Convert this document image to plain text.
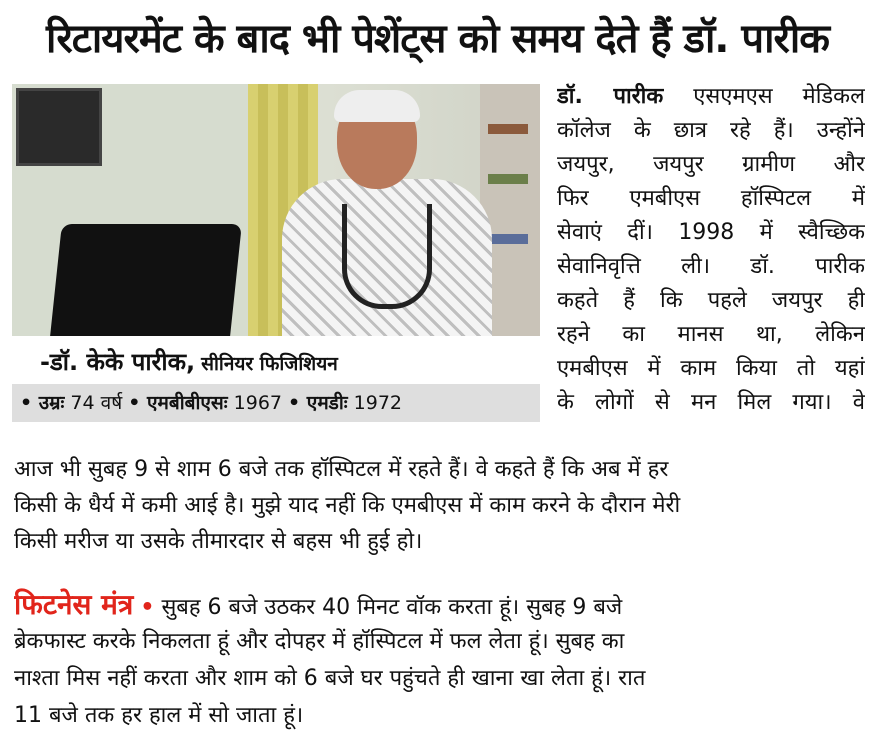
रिटायरमेंट के बाद भी पेशेंट्स को समय देते हैं डॉ. पारीक
-डॉ. केके पारीक, सीनियर फिजिशियन
• उम्रः 74 वर्ष • एमबीबीएसः 1967 • एमडीः 1972
डॉ. पारीक एसएमएस मेडिकल
कॉलेज के छात्र रहे हैं। उन्होंने
जयपुर, जयपुर ग्रामीण और
फिर एमबीएस हॉस्पिटल में
सेवाएं दीं। 1998 में स्वैच्छिक
सेवानिवृत्ति ली। डॉ. पारीक
कहते हैं कि पहले जयपुर ही
रहने का मानस था, लेकिन
एमबीएस में काम किया तो यहां
के लोगों से मन मिल गया। वे
आज भी सुबह 9 से शाम 6 बजे तक हॉस्पिटल में रहते हैं। वे कहते हैं कि अब में हर
किसी के धैर्य में कमी आई है। मुझे याद नहीं कि एमबीएस में काम करने के दौरान मेरी
किसी मरीज या उसके तीमारदार से बहस भी हुई हो।
फिटनेस मंत्र • सुबह 6 बजे उठकर 40 मिनट वॉक करता हूं। सुबह 9 बजे
ब्रेकफास्ट करके निकलता हूं और दोपहर में हॉस्पिटल में फल लेता हूं। सुबह का
नाश्ता मिस नहीं करता और शाम को 6 बजे घर पहुंचते ही खाना खा लेता हूं। रात
11 बजे तक हर हाल में सो जाता हूं।
